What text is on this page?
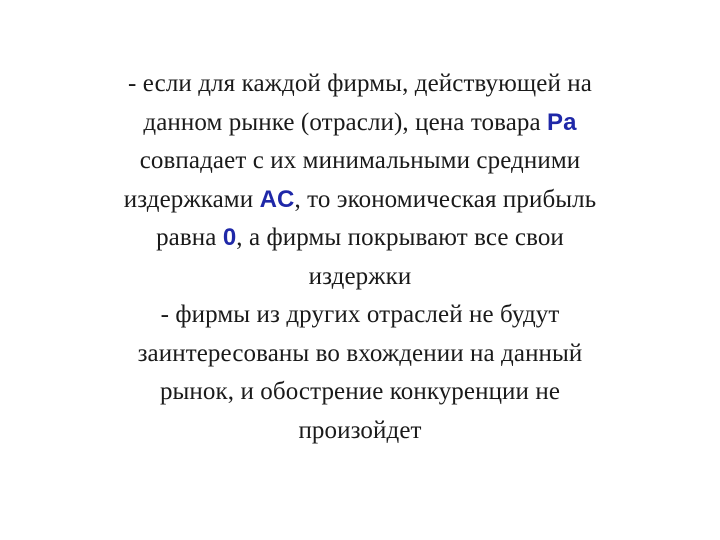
- если для каждой фирмы, действующей на
данном рынке (отрасли), цена товара Pa
совпадает с их минимальными средними
издержками AC, то экономическая прибыль
равна 0, а фирмы покрывают все свои
издержки
- фирмы из других отраслей не будут
заинтересованы во вхождении на данный
рынок, и обострение конкуренции не
произойдет
